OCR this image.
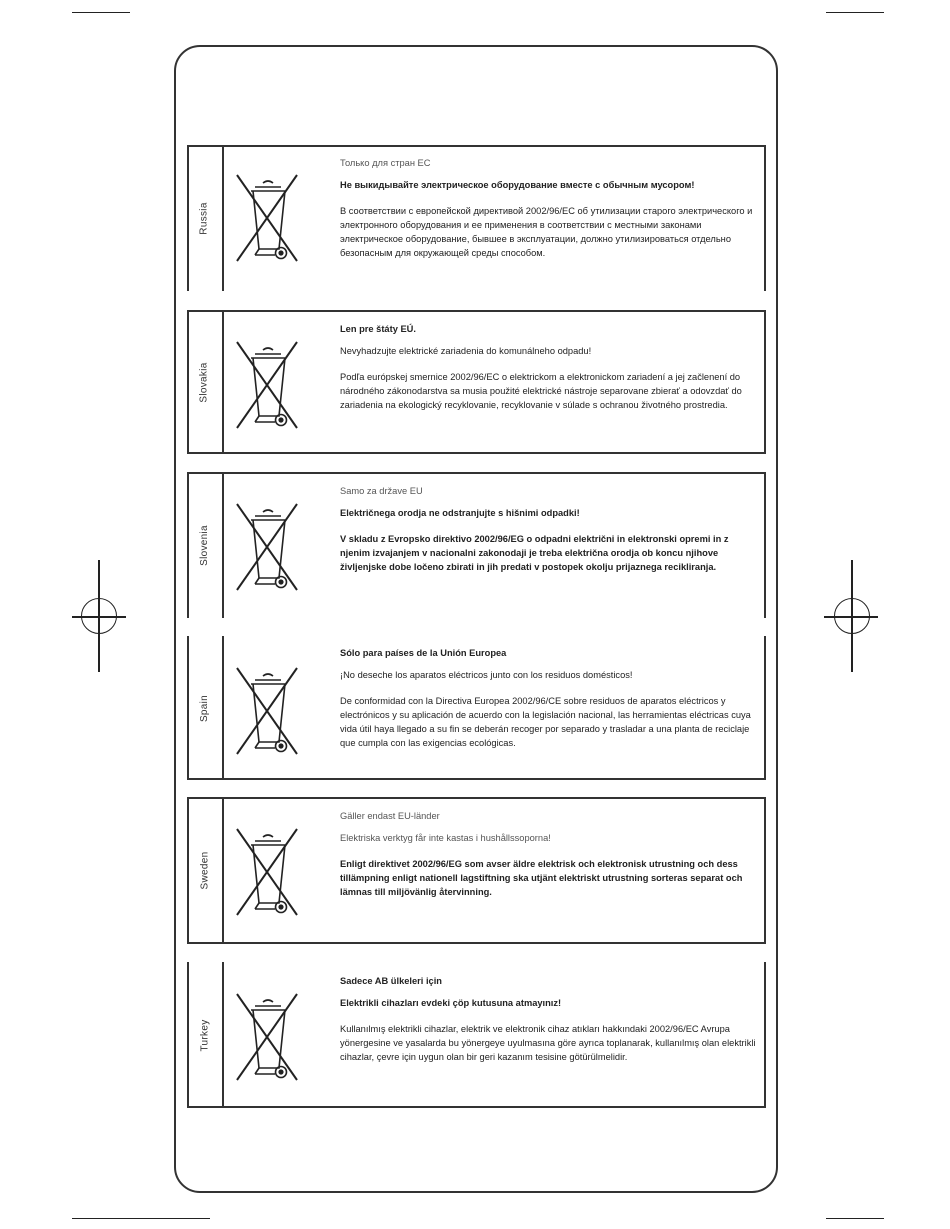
Russia

Только для стран ЕС

Не выкидывайте электрическое оборудование вместе с обычным мусором!

В соответствии с европейской директивой 2002/96/EC об утилизации старого электрического и электронного оборудования и ее применения в соответствии с местными законами электрическое оборудование, бывшее в эксплуатации, должно утилизироваться отдельно безопасным для окружающей среды способом.

Slovakia

Len pre štáty EÚ.

Nevyhadzujte elektrické zariadenia do komunálneho odpadu!

Podľa európskej smernice 2002/96/EC o elektrickom a elektronickom zariadení a jej začlenení do národného zákonodarstva sa musia použité elektrické nástroje separovane zbierať a odovzdať do zariadenia na ekologický recyklovanie, recyklovanie v súlade s ochranou životného prostredia.

Slovenia

Samo za države EU

Električnega orodja ne odstranjujte s hišnimi odpadki!

V skladu z Evropsko direktivo 2002/96/EG o odpadni električni in elektronski opremi in z njenim izvajanjem v nacionalni zakonodaji je treba električna orodja ob koncu njihove življenjske dobe ločeno zbirati in jih predati v postopek okolju prijaznega recikliranja.

Spain

Sólo para países de la Unión Europea

¡No deseche los aparatos eléctricos junto con los residuos domésticos!

De conformidad con la Directiva Europea 2002/96/CE sobre residuos de aparatos eléctricos y electrónicos y su aplicación de acuerdo con la legislación nacional, las herramientas eléctricas cuya vida útil haya llegado a su fin se deberán recoger por separado y trasladar a una planta de reciclaje que cumpla con las exigencias ecológicas.

Sweden

Gäller endast EU-länder

Elektriska verktyg får inte kastas i hushållssoporna!

Enligt direktivet 2002/96/EG som avser äldre elektrisk och elektronisk utrustning och dess tillämpning enligt nationell lagstiftning ska utjänt elektriskt utrustning sorteras separat och lämnas till miljövänlig återvinning.

Turkey

Sadece AB ülkeleri için

Elektrikli cihazları evdeki çöp kutusuna atmayınız!

Kullanılmış elektrikli cihazlar, elektrik ve elektronik cihaz atıkları hakkındaki 2002/96/EC Avrupa yönergesine ve yasalarda bu yönergeye uyulmasına göre ayrıca toplanarak, kullanılmış olan elektrikli cihazlar, çevre için uygun olan bir geri kazanım tesisine götürülmelidir.
